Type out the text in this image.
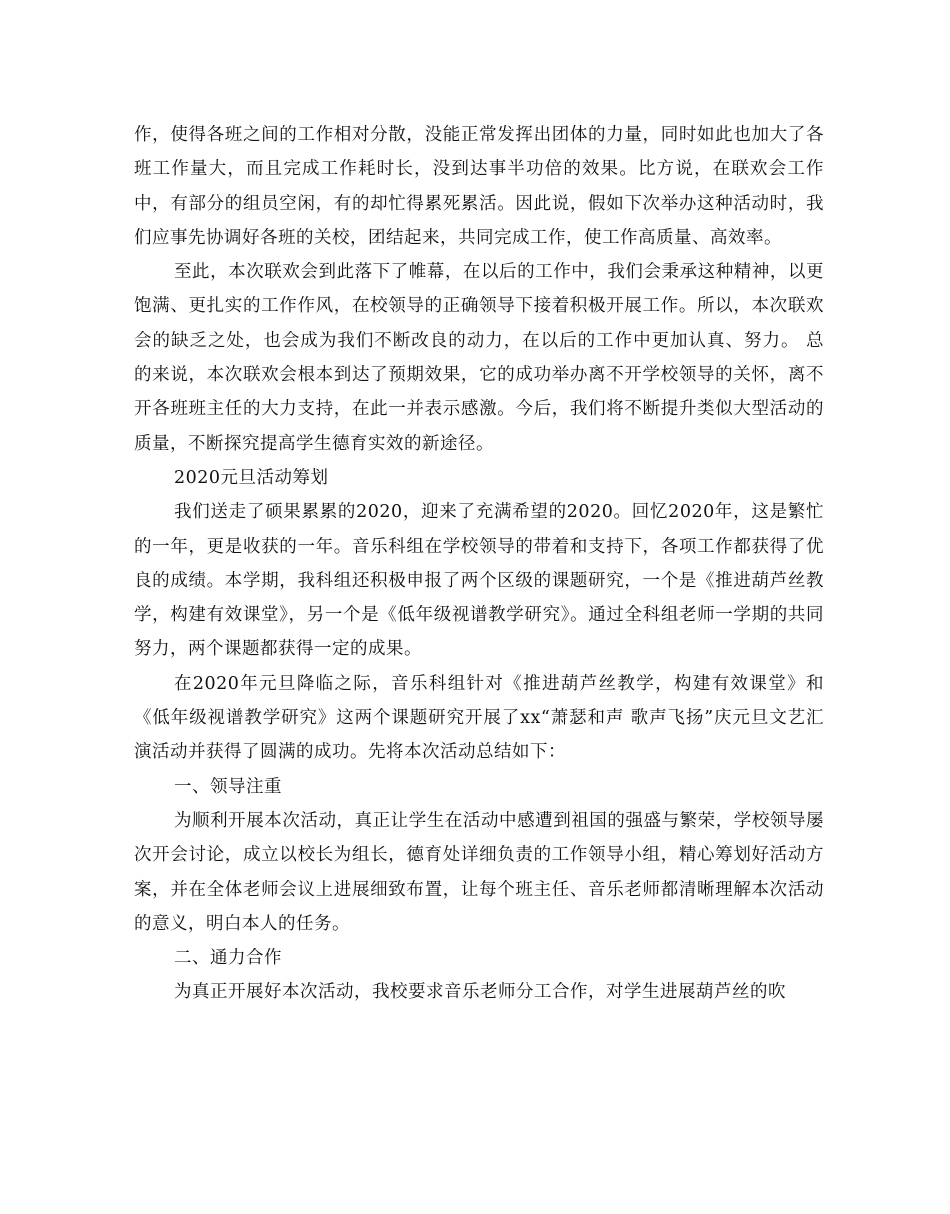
作，使得各班之间的工作相对分散，没能正常发挥出团体的力量，同时如此也加大了各班工作量大，而且完成工作耗时长，没到达事半功倍的效果。比方说，在联欢会工作中，有部分的组员空闲，有的却忙得累死累活。因此说，假如下次举办这种活动时，我们应事先协调好各班的关校，团结起来，共同完成工作，使工作高质量、高效率。

至此，本次联欢会到此落下了帷幕，在以后的工作中，我们会秉承这种精神，以更饱满、更扎实的工作作风，在校领导的正确领导下接着积极开展工作。所以，本次联欢会的缺乏之处，也会成为我们不断改良的动力，在以后的工作中更加认真、努力。 总的来说，本次联欢会根本到达了预期效果，它的成功举办离不开学校领导的关怀，离不开各班班主任的大力支持，在此一并表示感激。今后，我们将不断提升类似大型活动的质量，不断探究提高学生德育实效的新途径。

2020元旦活动筹划

我们送走了硕果累累的2020，迎来了充满希望的2020。回忆2020年，这是繁忙的一年，更是收获的一年。音乐科组在学校领导的带着和支持下，各项工作都获得了优良的成绩。本学期，我科组还积极申报了两个区级的课题研究，一个是《推进葫芦丝教学，构建有效课堂》，另一个是《低年级视谱教学研究》。通过全科组老师一学期的共同努力，两个课题都获得一定的成果。

在2020年元旦降临之际，音乐科组针对《推进葫芦丝教学，构建有效课堂》和《低年级视谱教学研究》这两个课题研究开展了xx“萧瑟和声 歌声飞扬”庆元旦文艺汇演活动并获得了圆满的成功。先将本次活动总结如下：

一、领导注重

为顺利开展本次活动，真正让学生在活动中感遭到祖国的强盛与繁荣，学校领导屡次开会讨论，成立以校长为组长，德育处详细负责的工作领导小组，精心筹划好活动方案，并在全体老师会议上进展细致布置，让每个班主任、音乐老师都清晰理解本次活动的意义，明白本人的任务。

二、通力合作

为真正开展好本次活动，我校要求音乐老师分工合作，对学生进展葫芦丝的吹
